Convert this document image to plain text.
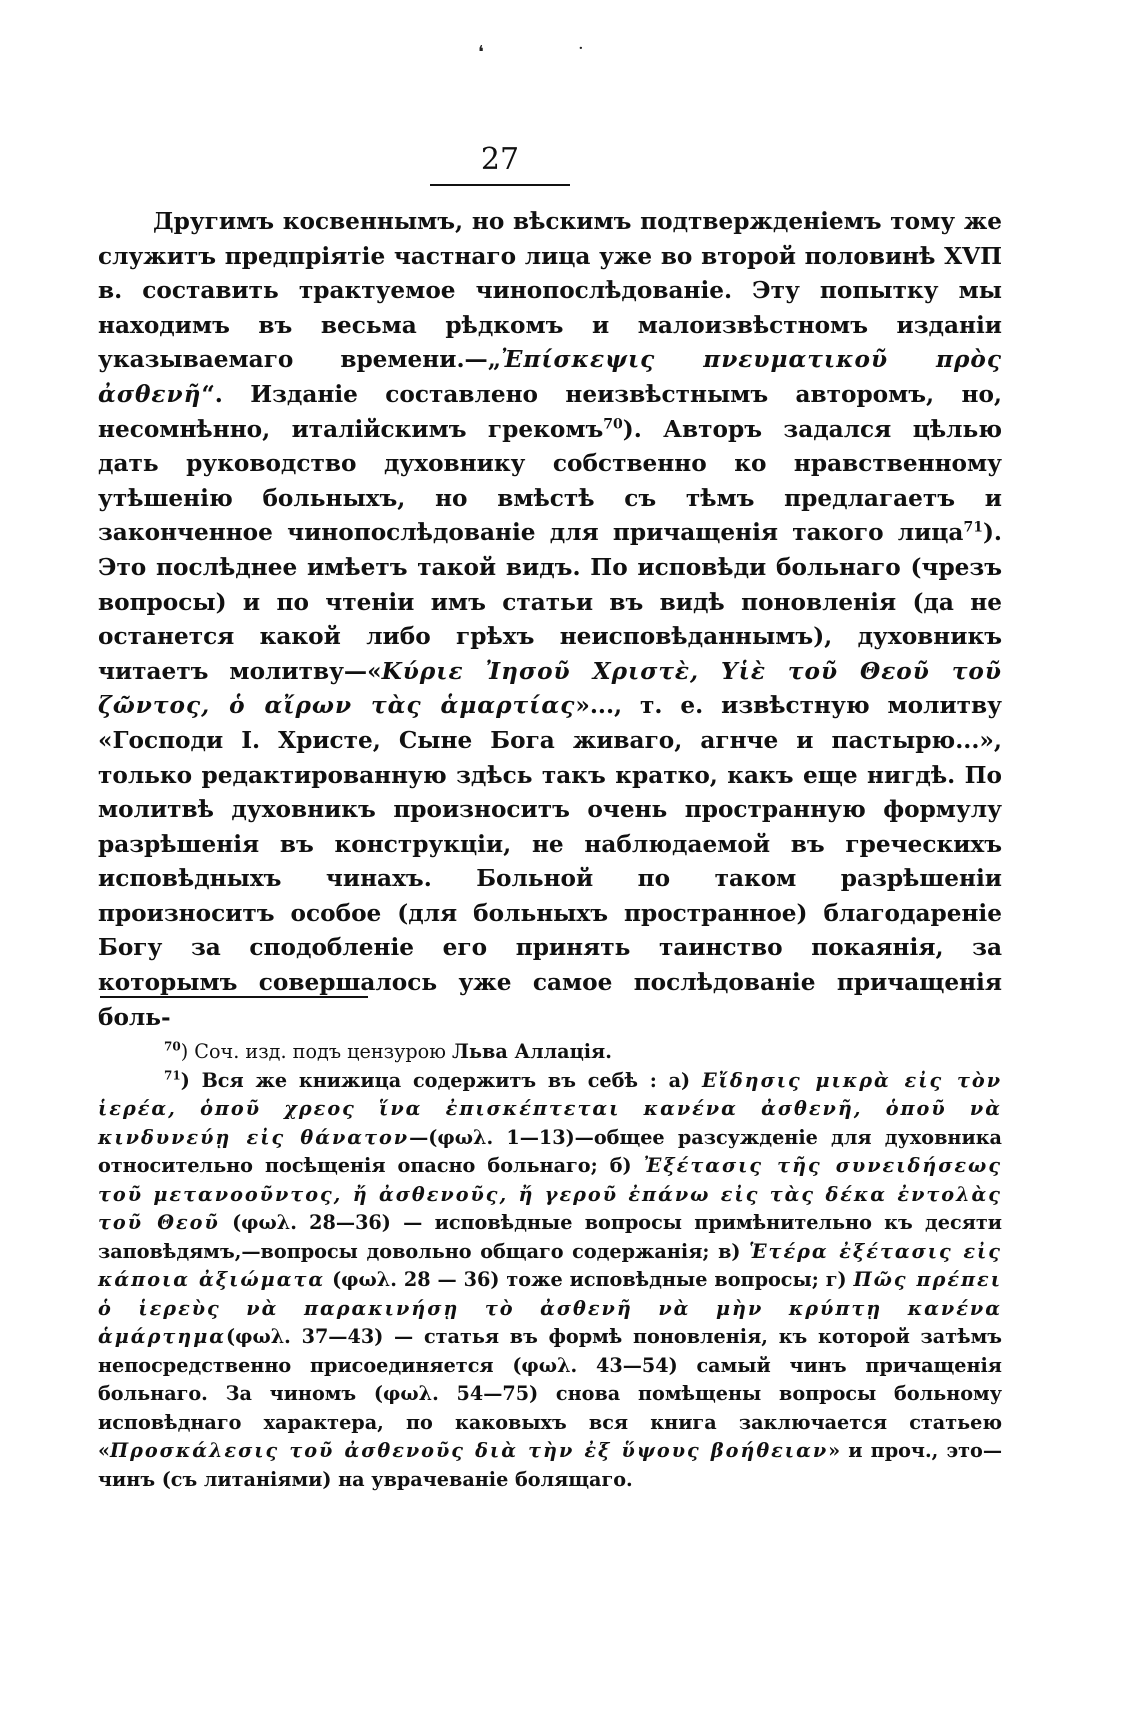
❛	·
27

Другимъ косвеннымъ, но вѣскимъ подтвержденіемъ тому же служитъ предпріятіе частнаго лица уже во второй половинѣ XVП в. составить трактуемое чинопослѣдованіе. Эту попытку мы находимъ въ весьма рѣдкомъ и малоизвѣстномъ изданіи указываемаго времени.—„Ἐπίσκεψις πνευματικοῦ πρὸς ἀσθενῆ“. Изданіе составлено неизвѣстнымъ авторомъ, но, несомнѣнно, италійскимъ грекомъ$^{70}$). Авторъ задался цѣлью дать руководство духовнику собственно ко нравственному утѣшенію больныхъ, но вмѣстѣ съ тѣмъ предлагаетъ и законченное чинопослѣдованіе для причащенія такого лица$^{71}$). Это послѣднее имѣетъ такой видъ. По исповѣди больнаго (чрезъ вопросы) и по чтеніи имъ статьи въ видѣ поновленія (да не останется какой либо грѣхъ неисповѣданнымъ), духовникъ читаетъ молитву—«Κύριε Ἰησοῦ Χριστὲ, Υἱὲ τοῦ Θεοῦ τοῦ ζῶντος, ὁ αἴρων τὰς ἁμαρτίας»..., т. е. извѣстную молитву «Господи І. Христе, Сыне Бога живаго, агнче и пастырю...», только редактированную здѣсь такъ кратко, какъ еще нигдѣ. По молитвѣ духовникъ произноситъ очень пространную формулу разрѣшенія въ конструкціи, не наблюдаемой въ греческихъ исповѣдныхъ чинахъ. Больной по таком разрѣшеніи произноситъ особое (для больныхъ пространное) благодареніе Богу за сподобленіе его принять таинство покаянія, за которымъ совершалось уже самое послѣдованіе причащенія боль-

$^{70}$) Соч. изд. подъ цензурою Льва Аллація.

$^{71}$) Вся же книжица содержитъ въ себѣ : а) Εἴδησις μικρὰ εἰς τὸν ἱερέα, ὁποῦ χρεος ἵνα ἐπισκέπτεται κανένα ἀσθενῆ, ὁποῦ νὰ κινδυνεύῃ εἰς θάνατον—(φωλ. 1—13)—общее разсужденіе для духовника относительно посѣщенія опасно больнаго; б) Ἐξέτασις τῆς συνειδήσεως τοῦ μετανοοῦντος, ἤ ἀσθενοῦς, ἤ γεροῦ ἐπάνω εἰς τὰς δέκα ἐντολὰς τοῦ Θεοῦ (φωλ. 28—36) — исповѣдные вопросы примѣнительно къ десяти заповѣдямъ,—вопросы довольно общаго содержанія; в) Ἑτέρα ἐξέτασις εἰς κάποια ἀξιώματα (φωλ. 28 — 36) тоже исповѣдные вопросы; г) Πῶς πρέπει ὁ ἱερεὺς νὰ παρακινήσῃ τὸ ἀσθενῆ νὰ μὴν κρύπτῃ κανένα ἁμάρτημα(φωλ. 37—43) — статья въ формѣ поновленія, къ которой затѣмъ непосредственно присоединяется (φωλ. 43—54) самый чинъ причащенія больнаго. За чиномъ (φωλ. 54—75) снова помѣщены вопросы больному исповѣднаго характера, по каковыхъ вся книга заключается статьею «Προσκάλεσις τοῦ ἀσθενοῦς διὰ τὴν ἐξ ὕψους βοήθειαν» и проч., это—чинъ (съ литаніями) на уврачеваніе болящаго.
